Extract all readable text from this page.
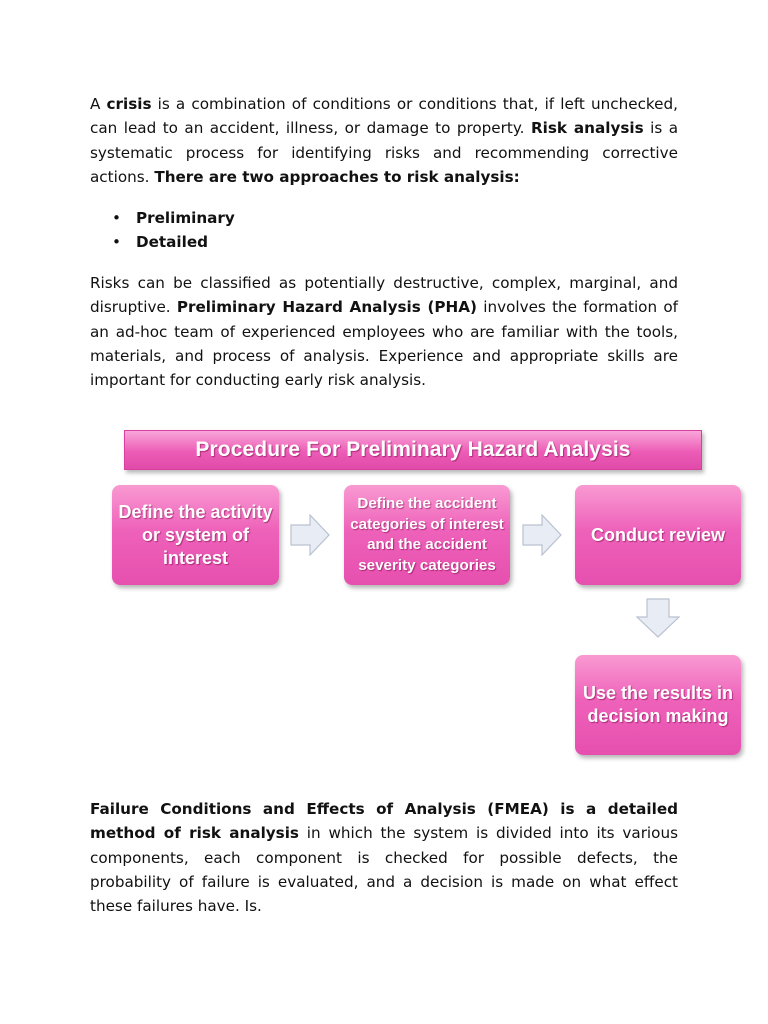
A crisis is a combination of conditions or conditions that, if left unchecked, can lead to an accident, illness, or damage to property. Risk analysis is a systematic process for identifying risks and recommending corrective actions. There are two approaches to risk analysis:

• Preliminary
• Detailed

Risks can be classified as potentially destructive, complex, marginal, and disruptive. Preliminary Hazard Analysis (PHA) involves the formation of an ad-hoc team of experienced employees who are familiar with the tools, materials, and process of analysis. Experience and appropriate skills are important for conducting early risk analysis.

Procedure For Preliminary Hazard Analysis
Define the activity or system of interest
Define the accident categories of interest and the accident severity categories
Conduct review
Use the results in decision making

Failure Conditions and Effects of Analysis (FMEA) is a detailed method of risk analysis in which the system is divided into its various components, each component is checked for possible defects, the probability of failure is evaluated, and a decision is made on what effect these failures have. Is.
